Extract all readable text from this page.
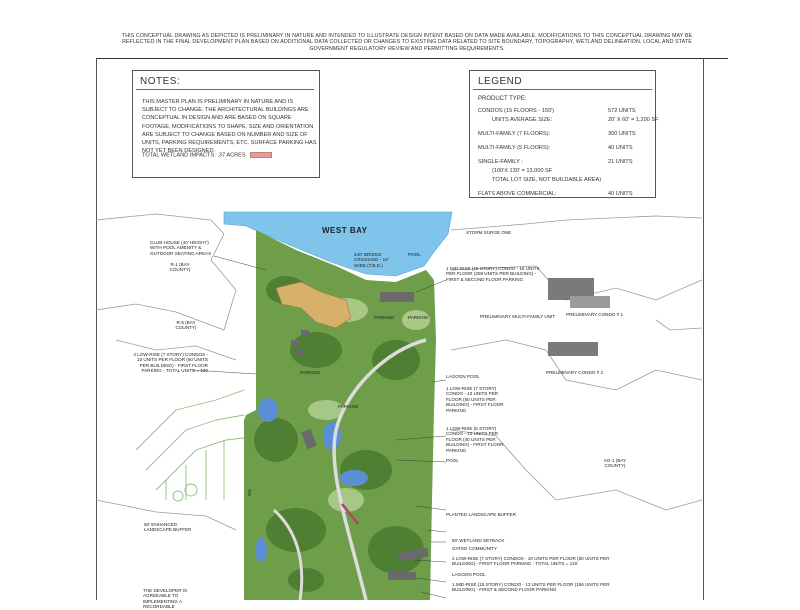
THIS CONCEPTUAL DRAWING AS DEPICTED IS PRELIMINARY IN NATURE AND INTENDED TO ILLUSTRATE DESIGN INTENT BASED ON DATA MADE AVAILABLE. MODIFICATIONS TO THIS CONCEPTUAL DRAWING MAY BE REFLECTED IN THE FINAL DEVELOPMENT PLAN BASED ON ADDITIONAL DATA COLLECTED OR CHANGES TO EXISTING DATA RELATED TO SITE BOUNDARY, TOPOGRAPHY, WETLAND DELINEATION, LOCAL AND STATE GOVERNMENT REGULATORY REVIEW AND PERMITTING REQUIREMENTS.
NOTES:
THIS MASTER PLAN IS PRELIMINARY IN NATURE AND IS SUBJECT TO CHANGE. THE ARCHITECTURAL BUILDINGS ARE CONCEPTUAL IN DESIGN AND ARE BASED ON SQUARE FOOTAGE. MODIFICATIONS TO SHAPE, SIZE AND ORIENTATION ARE SUBJECT TO CHANGE BASED ON NUMBER AND SIZE OF UNITS, PARKING REQUIREMENTS, ETC. SURFACE PARKING HAS NOT YET BEEN DESIGNED.
TOTAL WETLAND IMPACTS: .37 ACRES
LEGEND
PRODUCT TYPE:
CONDOS (15 FLOORS - 150')	572 UNITS
UNITS AVERAGE SIZE:	20' X 60' = 1,200 SF
MULTI-FAMILY (7 FLOORS):	300 UNITS
MULTI-FAMILY (5 FLOORS):	40 UNITS
SINGLE-FAMILY :	21 UNITS
(100'X 130' = 13,000 SF
TOTAL LOT SIZE, NOT BUILDABLE AREA)
FLATS ABOVE COMMERCIAL:	40 UNITS
WEST BAY	STORM SURGE ONE
CLUB HOUSE (40' HEIGHT) WITH POOL AMENITY & OUTDOOR SEATING AREAS	440' BRIDGE CROSSING - 14' WIDE (T.B.D.)
POOL
R-1 (BAY COUNTY)
R-5 (BAY COUNTY)
2 LOW-RISE (7 STORY) CONDOS - 10 UNITS PER FLOOR (60 UNITS PER BUILDING) - FIRST FLOOR PARKING - TOTAL UNITS = 120
50' ENHANCED LANDSCAPE BUFFER
THE DEVELOPER IS AGREEABLE TO IMPLEMENTING A RECORDABLE
1 MID-RISE (15 STORY) CONDO - 16 UNITS PER FLOOR (208 UNITS PER BUILDING) - FIRST & SECOND FLOOR PARKING
LAGOON POOL
1 LOW-RISE (7 STORY) CONDO - 10 UNITS PER FLOOR (60 UNITS PER BUILDING) - FIRST FLOOR PARKING
1 LOW-RISE (5 STORY) CONDO - 10 UNITS PER FLOOR (40 UNITS PER BUILDING) - FIRST FLOOR PARKING
POOL	AG-1 (BAY COUNTY)
PLANTED LANDSCAPE BUFFER
50' WETLAND SETBACK
GATED COMMUNITY
2 LOW-RISE (7 STORY) CONDOS - 10 UNITS PER FLOOR (60 UNITS PER BUILDING) - FIRST FLOOR PARKING - TOTAL UNITS = 120
LAGOON POOL
1 MID-RISE (15 STORY) CONDO - 13 UNITS PER FLOOR (156 UNITS PER BUILDING) - FIRST & SECOND FLOOR PARKING
PRELIMINARY MULTI-FAMILY UNIT PRELIMINARY CONDO # 1
PRELIMINARY CONDO # 2
PARKING	PARKING
PARKING
PARKING
RD
